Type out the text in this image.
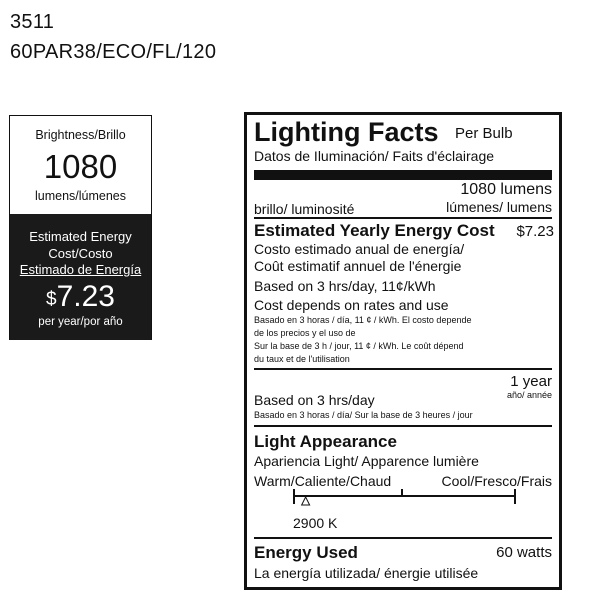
3511
60PAR38/ECO/FL/120
Brightness/Brillo
1080
lumens/lúmenes
Estimated Energy
Cost/Costo
Estimado de Energía
$7.23
per year/por año
Lighting Facts Per Bulb
Datos de Iluminación/ Faits d'éclairage
1080 lumens
brillo/ luminosité	lúmenes/ lumens
Estimated Yearly Energy Cost $7.23
Costo estimado anual de energía/
Coût estimatif annuel de l'énergie
Based on 3 hrs/day, 11¢/kWh
Cost depends on rates and use
Basado en 3 horas / día, 11 ¢ / kWh. El costo depende
de los precios y el uso de
Sur la base de 3 h / jour, 11 ¢ / kWh. Le coût dépend
du taux et de l'utilisation
1 year
año/ année
Based on 3 hrs/day
Basado en 3 horas / día/ Sur la base de 3 heures / jour
Light Appearance
Apariencia Light/ Apparence lumière
Warm/Caliente/Chaud	Cool/Fresco/Frais
2900 K
Energy Used	60 watts
La energía utilizada/ énergie utilisée
